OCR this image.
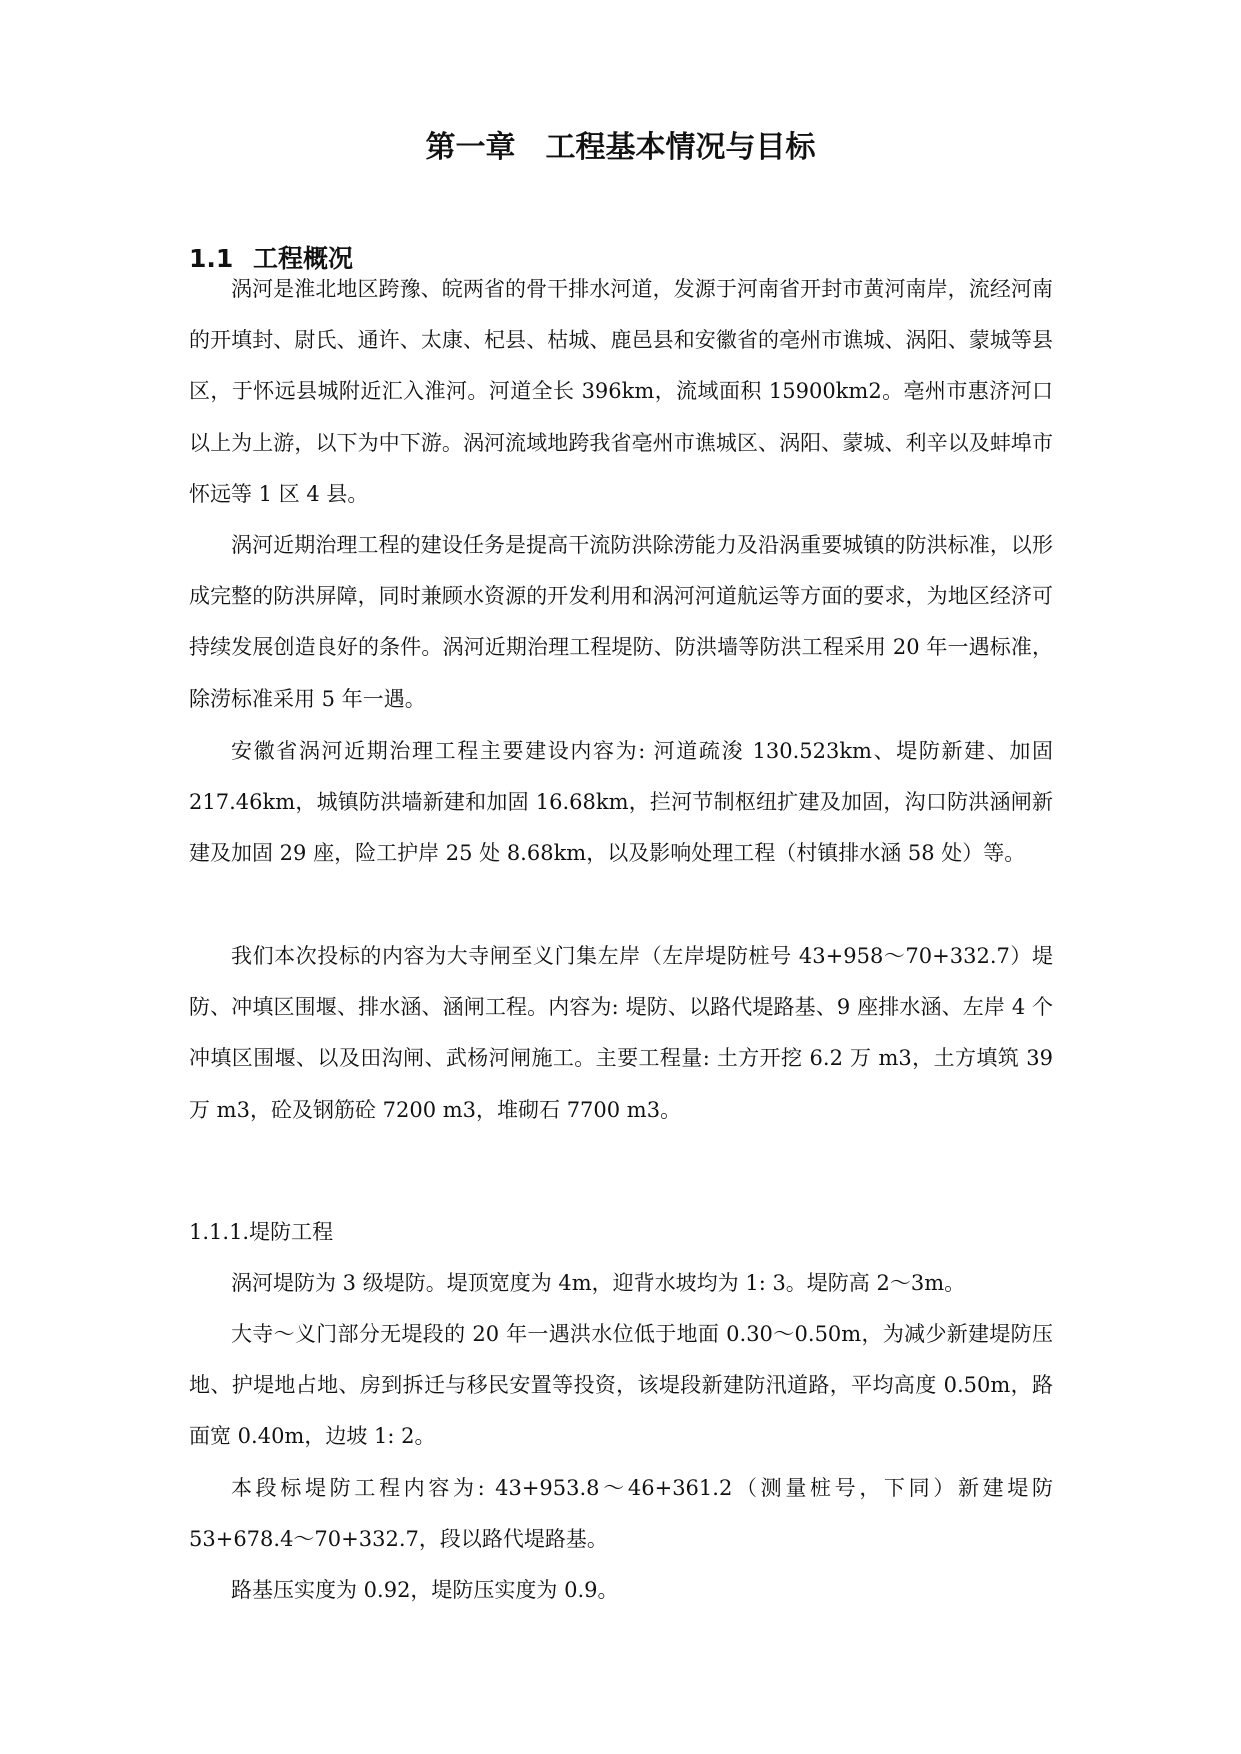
第一章　工程基本情况与目标
1.1 工程概况

涡河是淮北地区跨豫、皖两省的骨干排水河道，发源于河南省开封市黄河南岸，流经河南的开填封、尉氏、通许、太康、杞县、枯城、鹿邑县和安徽省的亳州市谯城、涡阳、蒙城等县区，于怀远县城附近汇入淮河。河道全长 396km，流域面积 15900km2。亳州市惠济河口以上为上游，以下为中下游。涡河流域地跨我省亳州市谯城区、涡阳、蒙城、利辛以及蚌埠市怀远等 1 区 4 县。

涡河近期治理工程的建设任务是提高干流防洪除涝能力及沿涡重要城镇的防洪标准，以形成完整的防洪屏障，同时兼顾水资源的开发利用和涡河河道航运等方面的要求，为地区经济可持续发展创造良好的条件。涡河近期治理工程堤防、防洪墙等防洪工程采用 20 年一遇标准，除涝标准采用 5 年一遇。

安徽省涡河近期治理工程主要建设内容为: 河道疏浚 130.523km、堤防新建、加固 217.46km，城镇防洪墙新建和加固 16.68km，拦河节制枢纽扩建及加固，沟口防洪涵闸新建及加固 29 座，险工护岸 25 处 8.68km，以及影响处理工程（村镇排水涵 58 处）等。

我们本次投标的内容为大寺闸至义门集左岸（左岸堤防桩号 43+958～70+332.7）堤防、冲填区围堰、排水涵、涵闸工程。内容为: 堤防、以路代堤路基、9 座排水涵、左岸 4 个冲填区围堰、以及田沟闸、武杨河闸施工。主要工程量: 土方开挖 6.2 万 m3，土方填筑 39 万 m3，砼及钢筋砼 7200 m3，堆砌石 7700 m3。

1.1.1.堤防工程

涡河堤防为 3 级堤防。堤顶宽度为 4m，迎背水坡均为 1: 3。堤防高 2～3m。

大寺～义门部分无堤段的 20 年一遇洪水位低于地面 0.30～0.50m，为减少新建堤防压地、护堤地占地、房到拆迁与移民安置等投资，该堤段新建防汛道路，平均高度 0.50m，路面宽 0.40m，边坡 1: 2。

本段标堤防工程内容为: 43+953.8～46+361.2（测量桩号，下同）新建堤防 53+678.4～70+332.7，段以路代堤路基。

路基压实度为 0.92，堤防压实度为 0.9。
